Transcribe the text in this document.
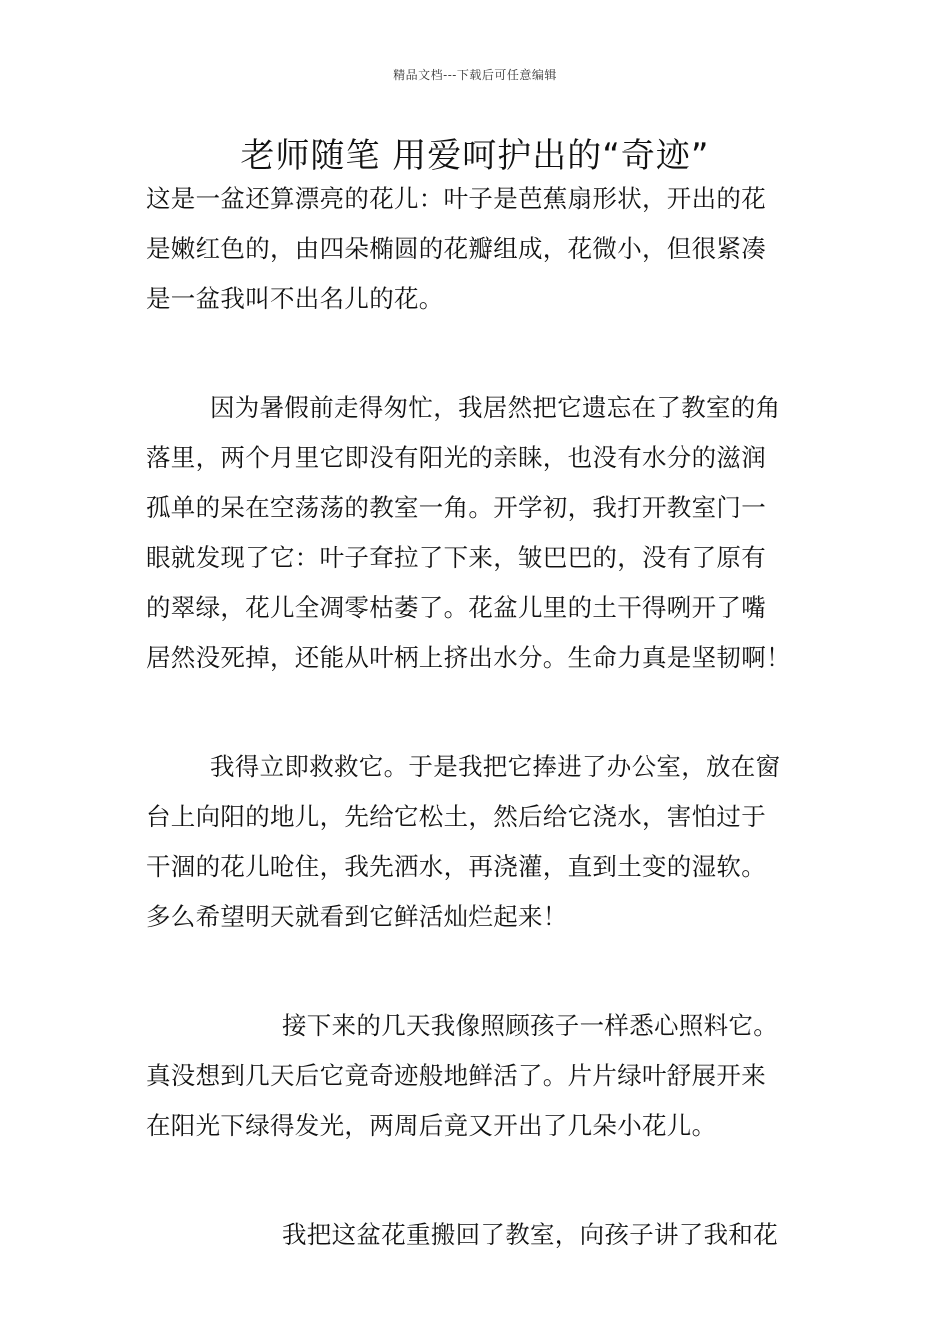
精品文档---下载后可任意编辑
老师随笔 用爱呵护出的“奇迹”
这是一盆还算漂亮的花儿：叶子是芭蕉扇形状，开出的花
是嫩红色的，由四朵椭圆的花瓣组成，花微小，但很紧凑
是一盆我叫不出名儿的花。
因为暑假前走得匆忙，我居然把它遗忘在了教室的角
落里，两个月里它即没有阳光的亲睐，也没有水分的滋润
孤单的呆在空荡荡的教室一角。开学初，我打开教室门一
眼就发现了它：叶子耷拉了下来，皱巴巴的，没有了原有
的翠绿，花儿全凋零枯萎了。花盆儿里的土干得咧开了嘴
居然没死掉，还能从叶柄上挤出水分。生命力真是坚韧啊！
我得立即救救它。于是我把它捧进了办公室，放在窗
台上向阳的地儿，先给它松土，然后给它浇水，害怕过于
干涸的花儿呛住，我先洒水，再浇灌，直到土变的湿软。
多么希望明天就看到它鲜活灿烂起来！
接下来的几天我像照顾孩子一样悉心照料它。
真没想到几天后它竟奇迹般地鲜活了。片片绿叶舒展开来
在阳光下绿得发光，两周后竟又开出了几朵小花儿。
我把这盆花重搬回了教室，向孩子讲了我和花
